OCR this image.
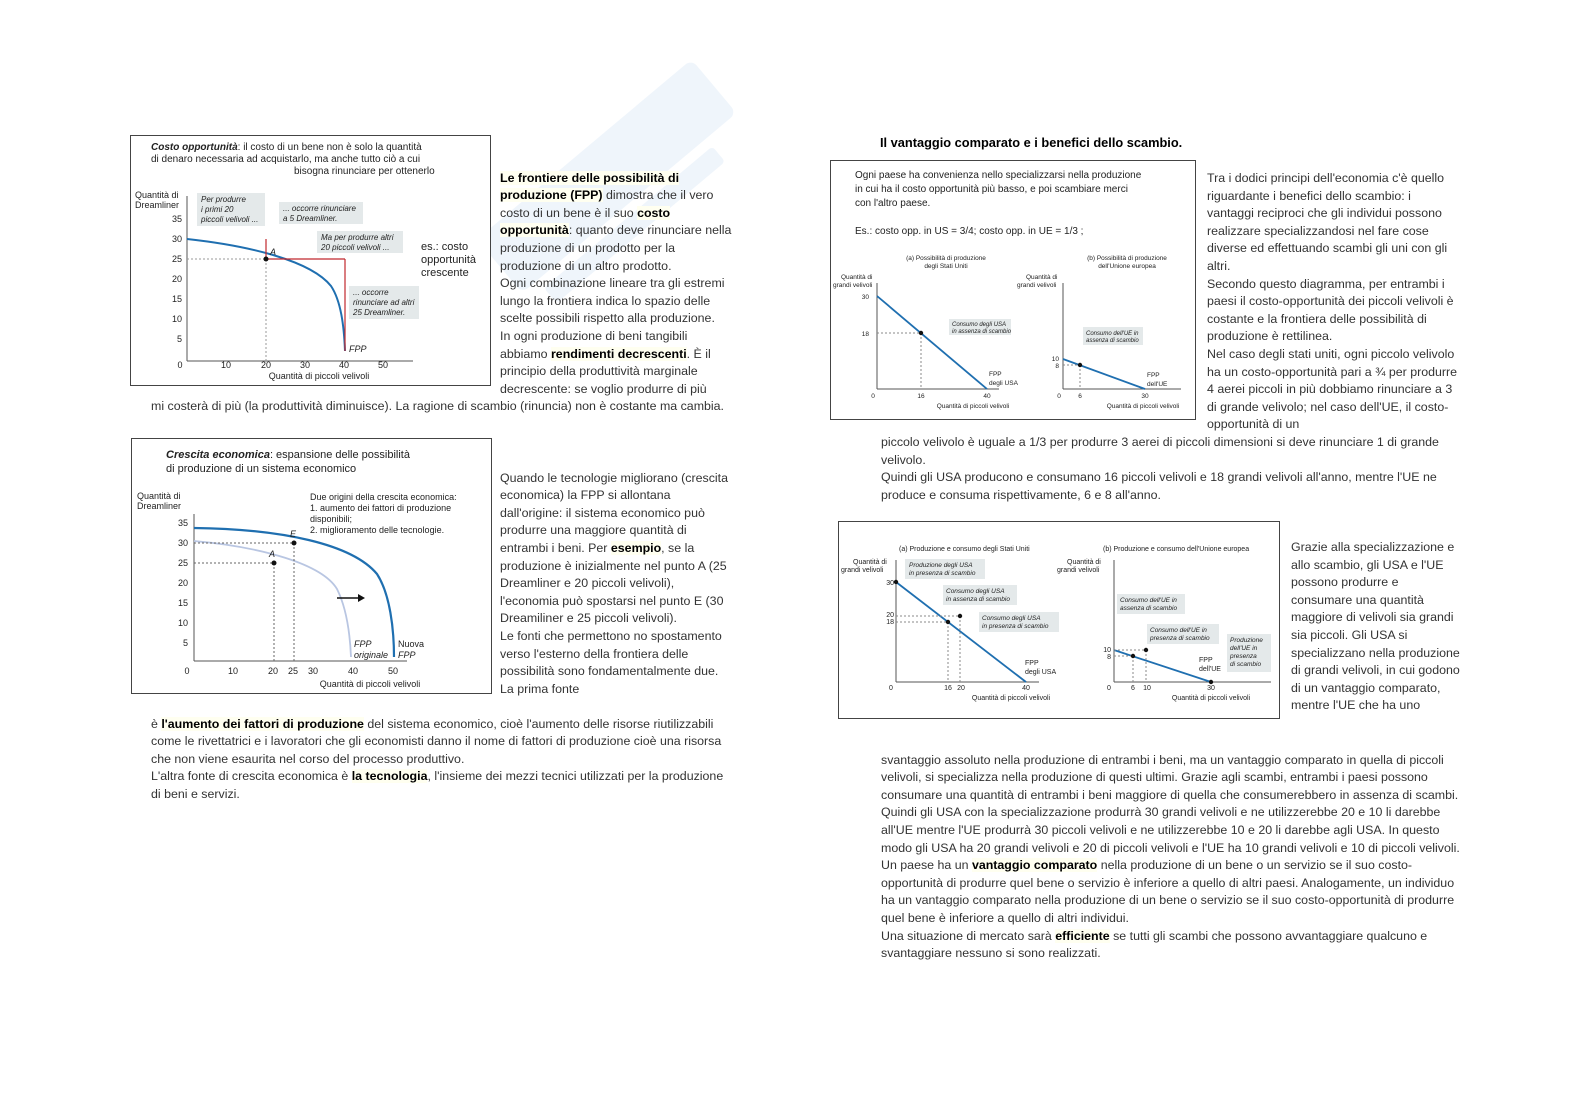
Costo opportunità: il costo di un bene non è solo la quantità
di denaro necessaria ad acquistarlo, ma anche tutto ciò a cui
bisogna rinunciare per ottenerlo
Quantità di
Dreamliner
35
30
25
20
15
10
5
0	10	20	30	40	50
Quantità di piccoli velivoli
A
FPP
Per produrre
i primi 20
piccoli velivoli ...
... occorre rinunciare
a 5 Dreamliner.
Ma per produrre altri
20 piccoli velivoli ...
... occorre
rinunciare ad altri
25 Dreamliner.
es.: costo
opportunità
crescente

Le frontiere delle possibilità di produzione (FPP) dimostra che il vero costo di un bene è il suo costo opportunità: quanto deve rinunciare nella produzione di un prodotto per la produzione di un altro prodotto.
Ogni combinazione lineare tra gli estremi lungo la frontiera indica lo spazio delle scelte possibili rispetto alla produzione.
In ogni produzione di beni tangibili abbiamo rendimenti decrescenti. È il principio della produttività marginale decrescente: se voglio produrre di più

mi costerà di più (la produttività diminuisce). La ragione di scambio (rinuncia) non è costante ma cambia.
Crescita economica: espansione delle possibilità
di produzione di un sistema economico
Quantità di
Dreamliner
35
30
25
20
15
10
5
0	10	20 25 30	40	50
Quantità di piccoli velivoli
A
E
Due origini della crescita economica:
1. aumento dei fattori di produzione
disponibili;
2. miglioramento delle tecnologie.
FPP
originale
Nuova
FPP

Quando le tecnologie migliorano (crescita economica) la FPP si allontana dall'origine: il sistema economico può produrre una maggiore quantità di entrambi i beni. Per esempio, se la produzione è inizialmente nel punto A (25 Dreamliner e 20 piccoli velivoli), l'economia può spostarsi nel punto E (30 Dreamiliner e 25 piccoli velivoli).

Le fonti che permettono no spostamento verso l'esterno della frontiera delle possibilità sono fondamentalmente due. La prima fonte

è l'aumento dei fattori di produzione del sistema economico, cioè l'aumento delle risorse riutilizzabili come le rivettatrici e i lavoratori che gli economisti danno il nome di fattori di produzione cioè una risorsa che non viene esaurita nel corso del processo produttivo.
L'altra fonte di crescita economica è la tecnologia, l'insieme dei mezzi tecnici utilizzati per la produzione di beni e servizi.

Il vantaggio comparato e i benefici dello scambio.
Ogni paese ha convenienza nello specializzarsi nella produzione
in cui ha il costo opportunità più basso, e poi scambiare merci
con l'altro paese.
Es.: costo opp. in US = 3/4; costo opp. in UE = 1/3 ;
(a) Possibilità di produzione
degli Stati Uniti
Quantità di
grandi velivoli
30
18
0	16	40
Quantità di piccoli velivoli
Consumo degli USA
in assenza di scambio
FPP
degli USA
(b) Possibilità di produzione
dell'Unione europea
Quantità di
grandi velivoli
10
8
0	6	30
Quantità di piccoli velivoli
Consumo dell'UE in
assenza di scambio
FPP
dell'UE
Tra i dodici principi dell'economia c'è quello riguardante i benefici dello scambio: i vantaggi reciproci che gli individui possono realizzare specializzandosi nel fare cose diverse ed effettuando scambi gli uni con gli altri.
Secondo questo diagramma, per entrambi i paesi il costo-opportunità dei piccoli velivoli è costante e la frontiera delle possibilità di produzione è rettilinea.
Nel caso degli stati uniti, ogni piccolo velivolo ha un costo-opportunità pari a ¾ per produrre 4 aerei piccoli in più dobbiamo rinunciare a 3 di grande velivolo; nel caso dell'UE, il costo-opportunità di un
piccolo velivolo è uguale a 1/3 per produrre 3 aerei di piccoli dimensioni si deve rinunciare 1 di grande velivolo.
Quindi gli USA producono e consumano 16 piccoli velivoli e 18 grandi velivoli all'anno, mentre l'UE ne produce e consuma rispettivamente, 6 e 8 all'anno.
(a) Produzione e consumo degli Stati Uniti
Quantità di
grandi velivoli
30
20
18
0	16 20	40
Quantità di piccoli velivoli
Produzione degli USA
in presenza di scambio
Consumo degli USA
in assenza di scambio
Consumo degli USA
in presenza di scambio
FPP
degli USA
(b) Produzione e consumo dell'Unione europea
Quantità di
grandi velivoli
10
8
0	6 10	30
Quantità di piccoli velivoli
Consumo dell'UE in
assenza di scambio
Consumo dell'UE in
presenza di scambio	Produzione
dell'UE in
presenza
di scambio
FPP
dell'UE
Grazie alla specializzazione e allo scambio, gli USA e l'UE possono produrre e consumare una quantità maggiore di velivoli sia grandi sia piccoli. Gli USA si specializzano nella produzione di grandi velivoli, in cui godono di un vantaggio comparato, mentre l'UE che ha uno

svantaggio assoluto nella produzione di entrambi i beni, ma un vantaggio comparato in quella di piccoli velivoli, si specializza nella produzione di questi ultimi. Grazie agli scambi, entrambi i paesi possono consumare una quantità di entrambi i beni maggiore di quella che consumerebbero in assenza di scambi. Quindi gli USA con la specializzazione produrrà 30 grandi velivoli e ne utilizzerebbe 20 e 10 li darebbe all'UE mentre l'UE produrrà 30 piccoli velivoli e ne utilizzerebbe 10 e 20 li darebbe agli USA. In questo modo gli USA ha 20 grandi velivoli e 20 di piccoli velivoli e l'UE ha 10 grandi velivoli e 10 di piccoli velivoli.
Un paese ha un vantaggio comparato nella produzione di un bene o un servizio se il suo costo-opportunità di produrre quel bene o servizio è inferiore a quello di altri paesi. Analogamente, un individuo ha un vantaggio comparato nella produzione di un bene o servizio se il suo costo-opportunità di produrre quel bene è inferiore a quello di altri individui.
Una situazione di mercato sarà efficiente se tutti gli scambi che possono avvantaggiare qualcuno e svantaggiare nessuno si sono realizzati.
